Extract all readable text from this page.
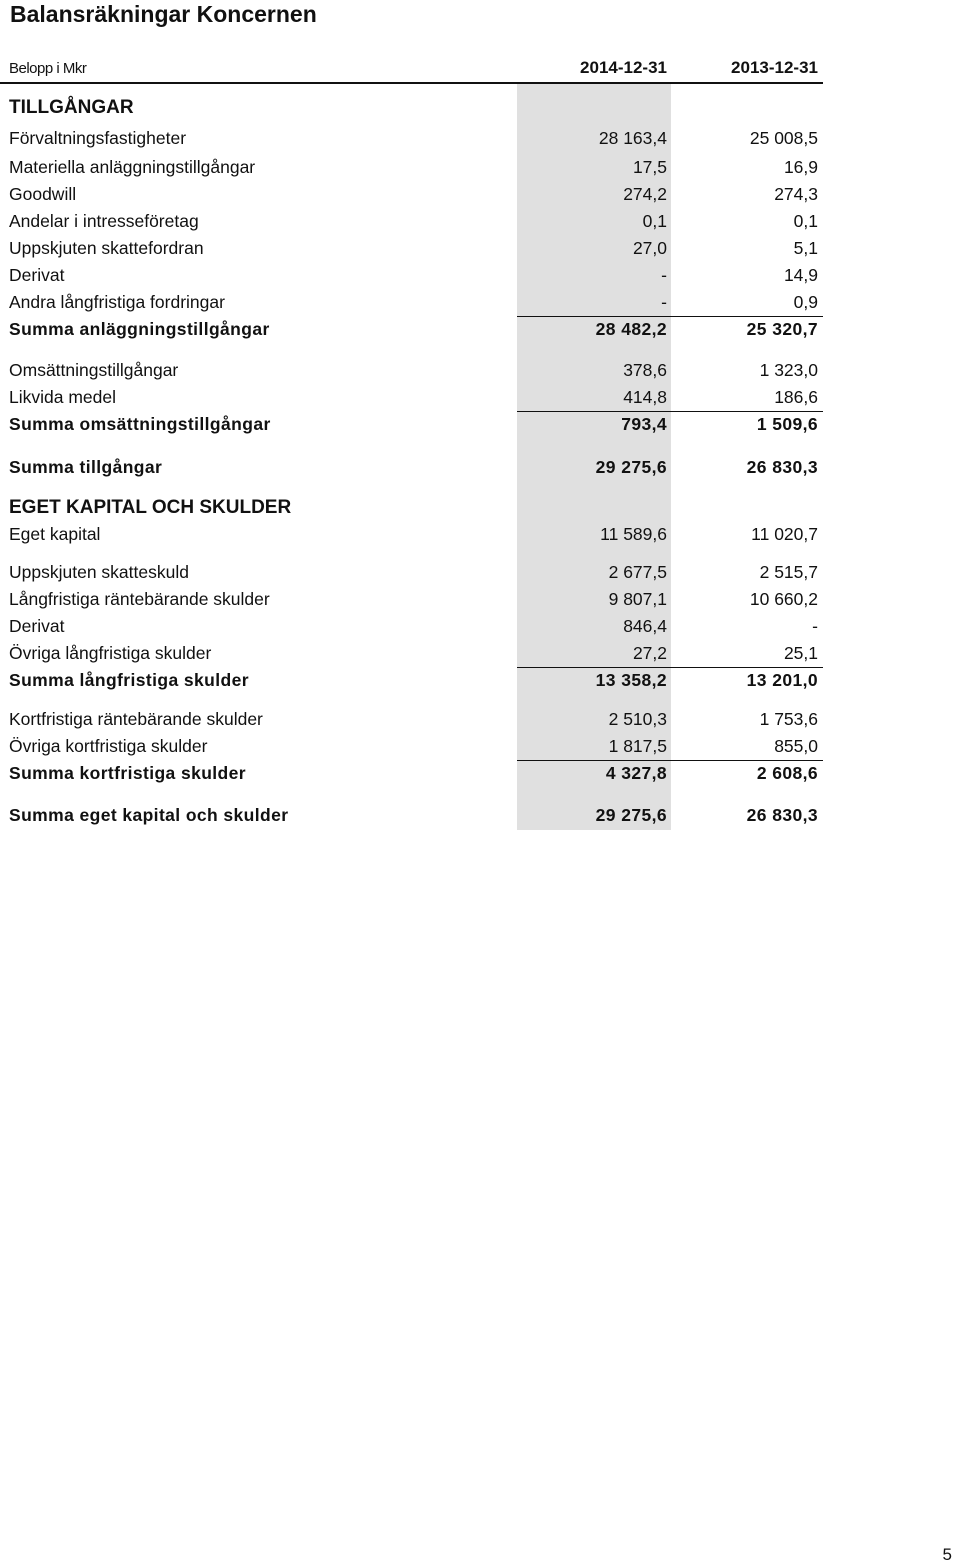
Balansräkningar Koncernen
Belopp i Mkr	2014-12-31	2013-12-31
TILLGÅNGAR
Förvaltningsfastigheter	28 163,4	25 008,5
Materiella anläggningstillgångar	17,5	16,9
Goodwill	274,2	274,3
Andelar i intresseföretag	0,1	0,1
Uppskjuten skattefordran	27,0	5,1
Derivat	-	14,9
Andra långfristiga fordringar	-	0,9
Summa anläggningstillgångar	28 482,2	25 320,7
Omsättningstillgångar	378,6	1 323,0
Likvida medel	414,8	186,6
Summa omsättningstillgångar	793,4	1 509,6
Summa tillgångar	29 275,6	26 830,3
EGET KAPITAL OCH SKULDER
Eget kapital	11 589,6	11 020,7
Uppskjuten skatteskuld	2 677,5	2 515,7
Långfristiga räntebärande skulder	9 807,1	10 660,2
Derivat	846,4	-
Övriga långfristiga skulder	27,2	25,1
Summa långfristiga skulder	13 358,2	13 201,0
Kortfristiga räntebärande skulder	2 510,3	1 753,6
Övriga kortfristiga skulder	1 817,5	855,0
Summa kortfristiga skulder	4 327,8	2 608,6
Summa eget kapital och skulder	29 275,6	26 830,3
5
